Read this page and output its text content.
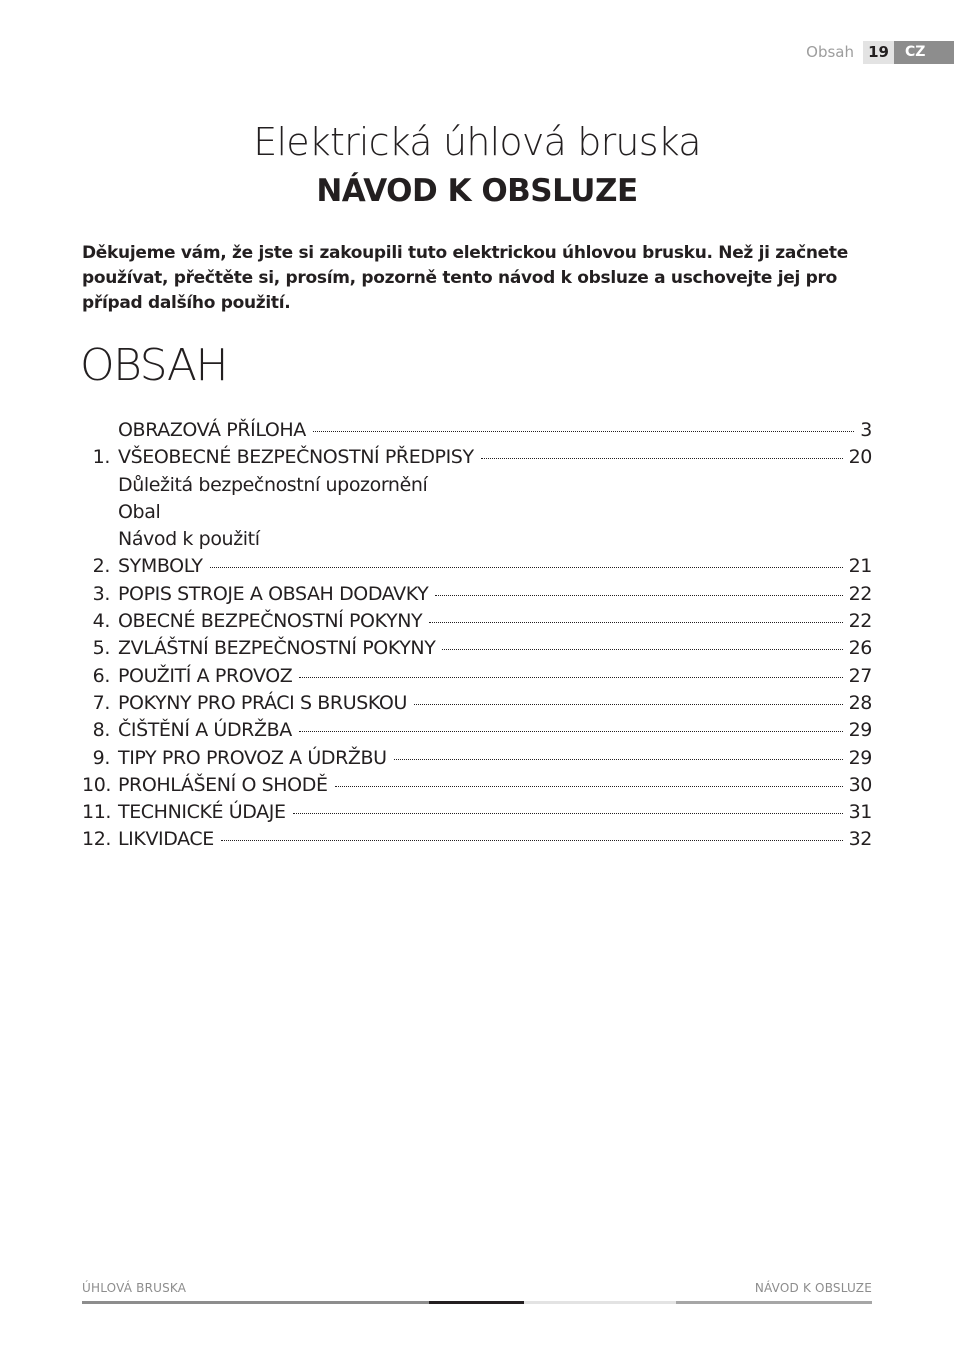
Obsah 19	CZ
Elektrická úhlová bruska
NÁVOD K OBSLUZE

Děkujeme vám, že jste si zakoupili tuto elektrickou úhlovou brusku. Než ji začnete používat, přečtěte si, prosím, pozorně tento návod k obsluze a uschovejte jej pro případ dalšího použití.

OBSAH
OBRAZOVÁ PŘÍLOHA	3
1. VŠEOBECNÉ BEZPEČNOSTNÍ PŘEDPISY	20
Důležitá bezpečnostní upozornění
Obal
Návod k použití
2. SYMBOLY	21
3. POPIS STROJE A OBSAH DODAVKY	22
4. OBECNÉ BEZPEČNOSTNÍ POKYNY	22
5. ZVLÁŠTNÍ BEZPEČNOSTNÍ POKYNY	26
6. POUŽITÍ A PROVOZ	27
7. POKYNY PRO PRÁCI S BRUSKOU	28
8. ČIŠTĚNÍ A ÚDRŽBA	29
9. TIPY PRO PROVOZ A ÚDRŽBU	29
10. PROHLÁŠENÍ O SHODĚ	30
11. TECHNICKÉ ÚDAJE	31
12. LIKVIDACE	32
ÚHLOVÁ BRUSKA	NÁVOD K OBSLUZE
